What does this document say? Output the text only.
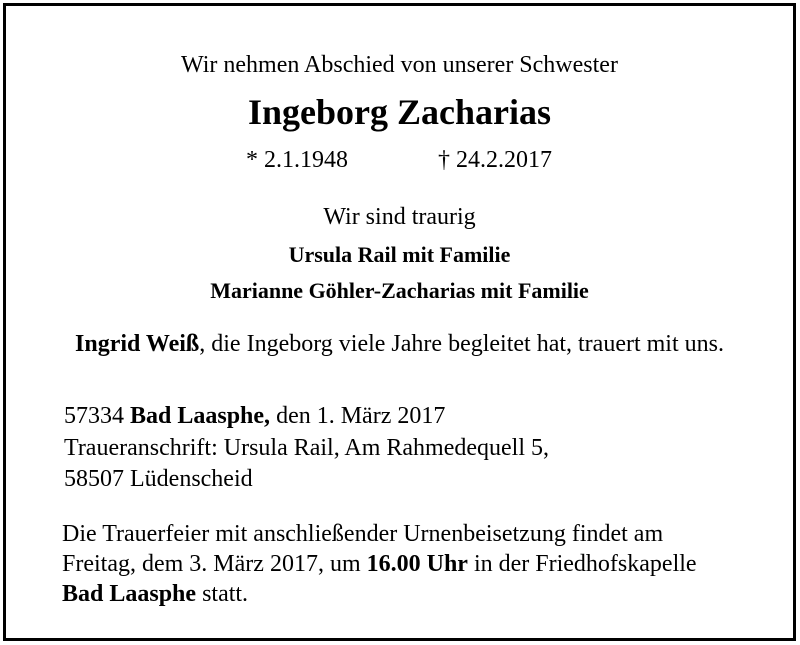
Wir nehmen Abschied von unserer Schwester
Ingeborg Zacharias
* 2.1.1948	† 24.2.2017
Wir sind traurig
Ursula Rail mit Familie
Marianne Göhler-Zacharias mit Familie
Ingrid Weiß, die Ingeborg viele Jahre begleitet hat, trauert mit uns.
57334 Bad Laasphe, den 1. März 2017
Traueranschrift: Ursula Rail, Am Rahmedequell 5,
58507 Lüdenscheid
Die Trauerfeier mit anschließender Urnenbeisetzung findet am
Freitag, dem 3. März 2017, um 16.00 Uhr in der Friedhofskapelle
Bad Laasphe statt.
